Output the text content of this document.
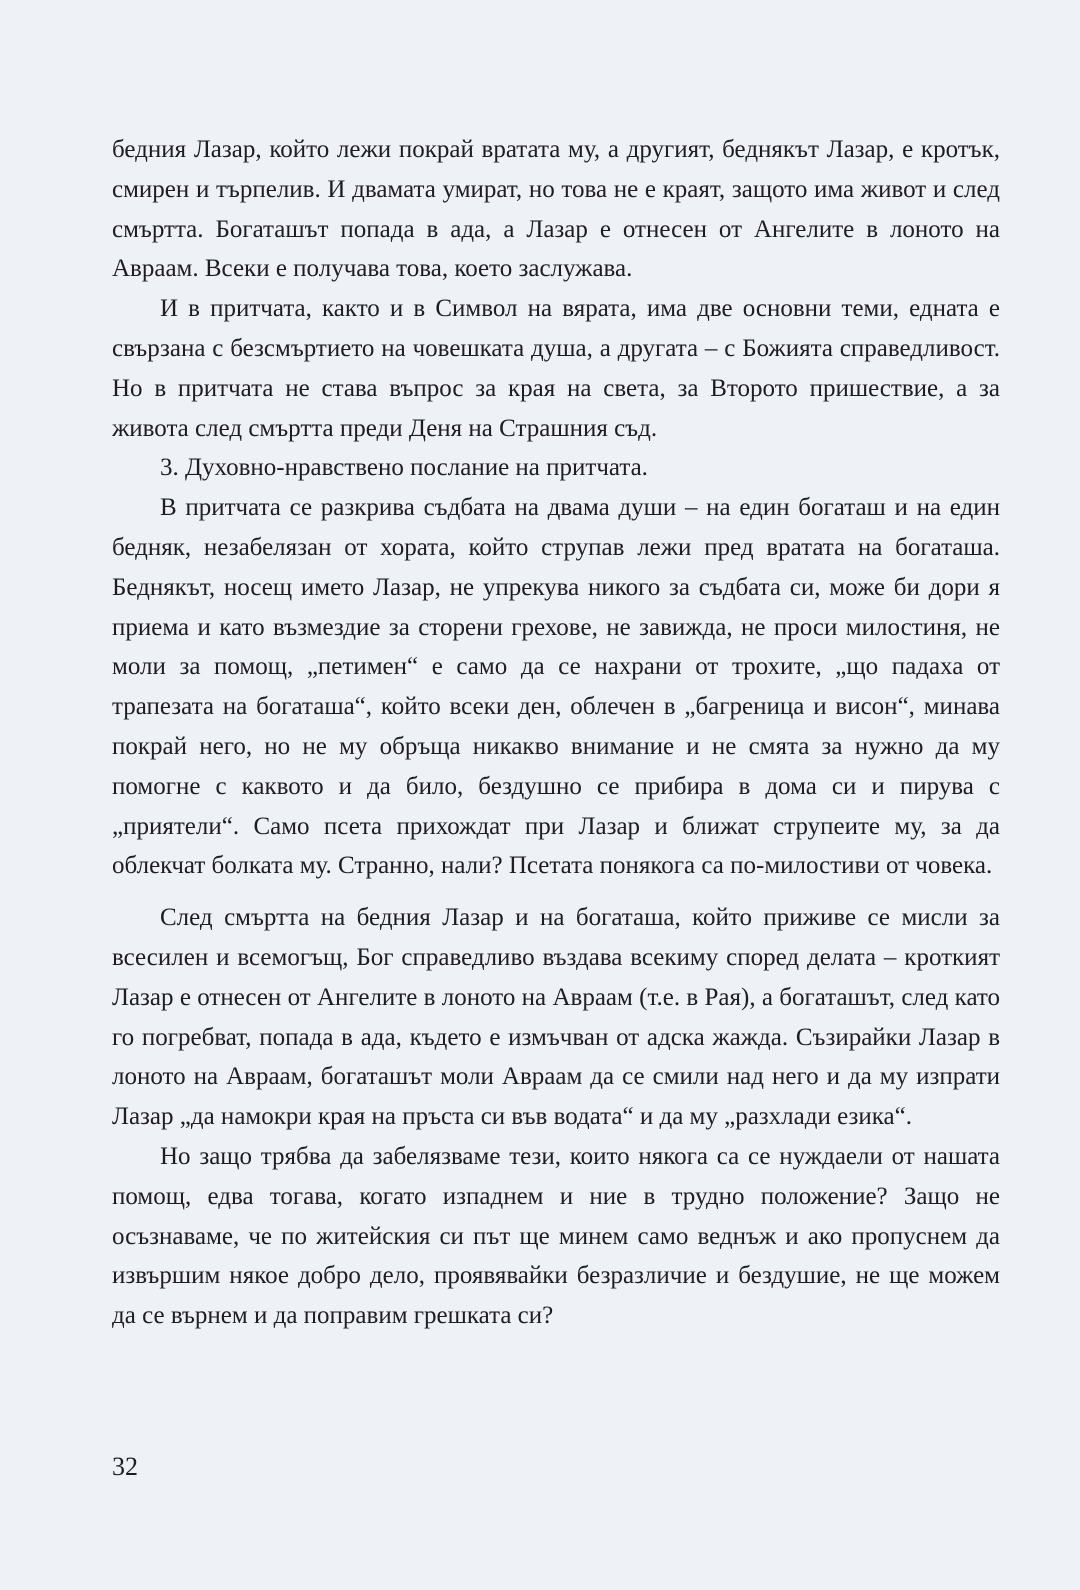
бедния Лазар, който лежи покрай вратата му, а другият, беднякът Лазар, е кротък, смирен и търпелив. И двамата умират, но това не е краят, защото има живот и след смъртта. Богаташът попада в ада, а Лазар е отнесен от Ангелите в лоното на Авраам. Всеки е получава това, което заслужава.

И в притчата, както и в Символ на вярата, има две основни теми, едната е свързана с безсмъртието на човешката душа, а другата – с Божията справедливост. Но в притчата не става въпрос за края на света, за Второто пришествие, а за живота след смъртта преди Деня на Страшния съд.

3. Духовно-нравствено послание на притчата.

В притчата се разкрива съдбата на двама души – на един богаташ и на един бедняк, незабелязан от хората, който струпав лежи пред вратата на богаташа. Беднякът, носещ името Лазар, не упрекува никого за съдбата си, може би дори я приема и като възмездие за сторени грехове, не завижда, не проси милостиня, не моли за помощ, „петимен“ е само да се нахрани от трохите, „що падаха от трапезата на богаташа“, който всеки ден, облечен в „багреница и висон“, минава покрай него, но не му обръща никакво внимание и не смята за нужно да му помогне с каквото и да било, бездушно се прибира в дома си и пирува с „приятели“. Само псета прихождат при Лазар и ближат струпеите му, за да облекчат болката му. Странно, нали? Псетата понякога са по-милостиви от човека.

След смъртта на бедния Лазар и на богаташа, който приживе се мисли за всесилен и всемогъщ, Бог справедливо въздава всекиму според делата – кроткият Лазар е отнесен от Ангелите в лоното на Авраам (т.е. в Рая), а богаташът, след като го погребват, попада в ада, където е измъчван от адска жажда. Съзирайки Лазар в лоното на Авраам, богаташът моли Авраам да се смили над него и да му изпрати Лазар „да намокри края на пръста си във водата“ и да му „разхлади езика“.

Но защо трябва да забелязваме тези, които някога са се нуждаели от нашата помощ, едва тогава, когато изпаднем и ние в трудно положение? Защо не осъзнаваме, че по житейския си път ще минем само веднъж и ако пропуснем да извършим някое добро дело, проявявайки безразличие и бездушие, не ще можем да се върнем и да поправим грешката си?

32
